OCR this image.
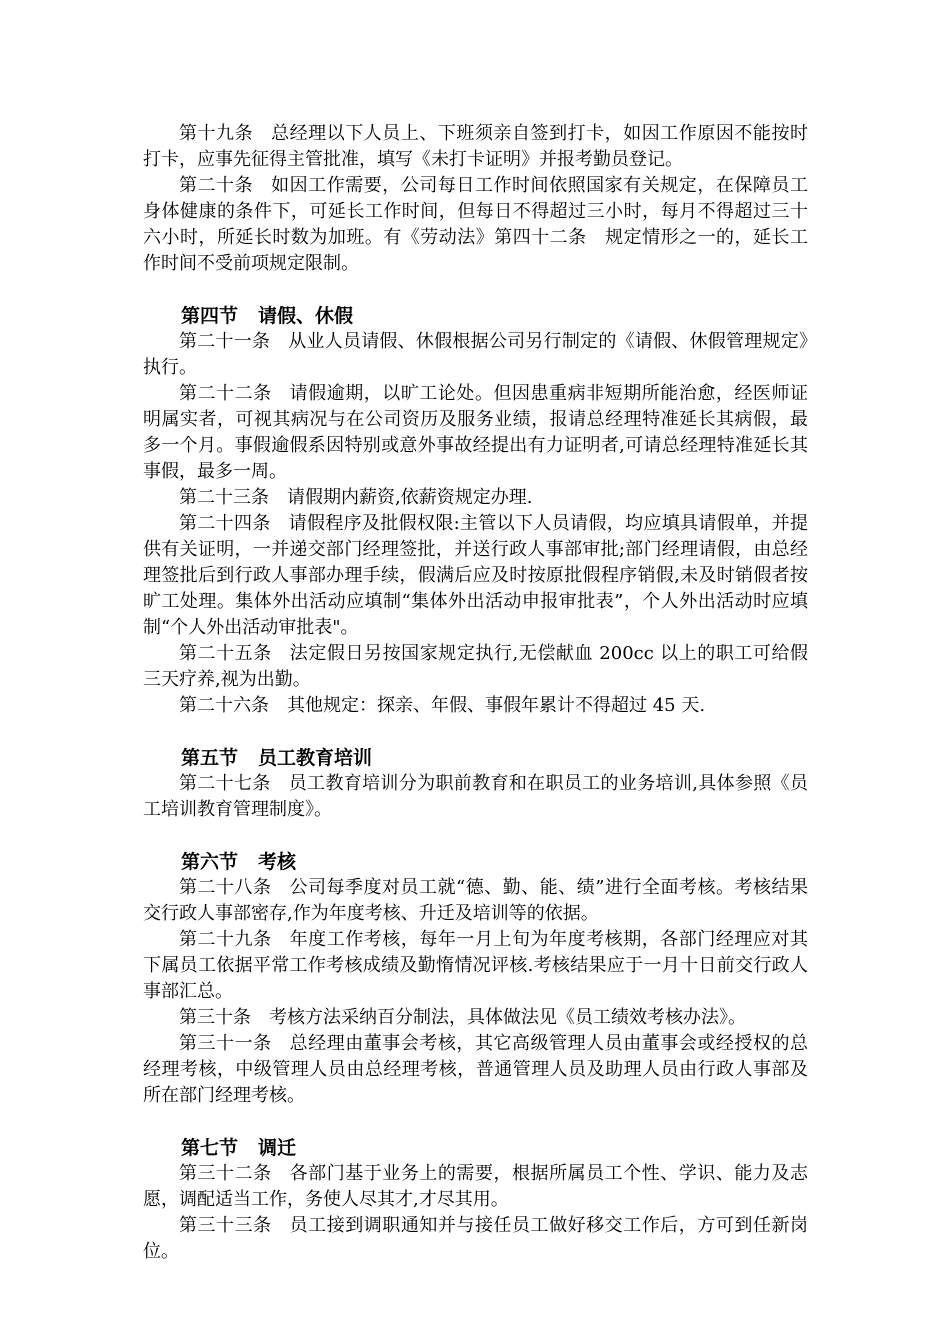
第十九条 总经理以下人员上、下班须亲自签到打卡，如因工作原因不能按时打卡，应事先征得主管批准，填写《未打卡证明》并报考勤员登记。

第二十条 如因工作需要，公司每日工作时间依照国家有关规定，在保障员工身体健康的条件下，可延长工作时间，但每日不得超过三小时，每月不得超过三十六小时，所延长时数为加班。有《劳动法》第四十二条　规定情形之一的，延长工作时间不受前项规定限制。

第四节 请假、休假

第二十一条 从业人员请假、休假根据公司另行制定的《请假、休假管理规定》执行。

第二十二条 请假逾期，以旷工论处。但因患重病非短期所能治愈，经医师证明属实者，可视其病况与在公司资历及服务业绩，报请总经理特准延长其病假，最多一个月。事假逾假系因特别或意外事故经提出有力证明者,可请总经理特准延长其事假，最多一周。

第二十三条 请假期内薪资,依薪资规定办理.

第二十四条 请假程序及批假权限:主管以下人员请假，均应填具请假单，并提供有关证明，一并递交部门经理签批，并送行政人事部审批;部门经理请假，由总经理签批后到行政人事部办理手续，假满后应及时按原批假程序销假,未及时销假者按旷工处理。集体外出活动应填制“集体外出活动申报审批表”，个人外出活动时应填制“个人外出活动审批表"。

第二十五条 法定假日另按国家规定执行,无偿献血 200cc 以上的职工可给假三天疗养,视为出勤。

第二十六条 其他规定：探亲、年假、事假年累计不得超过 45 天.

第五节 员工教育培训

第二十七条 员工教育培训分为职前教育和在职员工的业务培训,具体参照《员工培训教育管理制度》。

第六节 考核

第二十八条 公司每季度对员工就“德、勤、能、绩”进行全面考核。考核结果交行政人事部密存,作为年度考核、升迁及培训等的依据。

第二十九条 年度工作考核，每年一月上旬为年度考核期，各部门经理应对其下属员工依据平常工作考核成绩及勤惰情况评核.考核结果应于一月十日前交行政人事部汇总。

第三十条 考核方法采纳百分制法，具体做法见《员工绩效考核办法》。

第三十一条 总经理由董事会考核，其它高级管理人员由董事会或经授权的总经理考核，中级管理人员由总经理考核，普通管理人员及助理人员由行政人事部及所在部门经理考核。

第七节 调迁

第三十二条 各部门基于业务上的需要，根据所属员工个性、学识、能力及志愿，调配适当工作，务使人尽其才,才尽其用。

第三十三条 员工接到调职通知并与接任员工做好移交工作后，方可到任新岗位。
